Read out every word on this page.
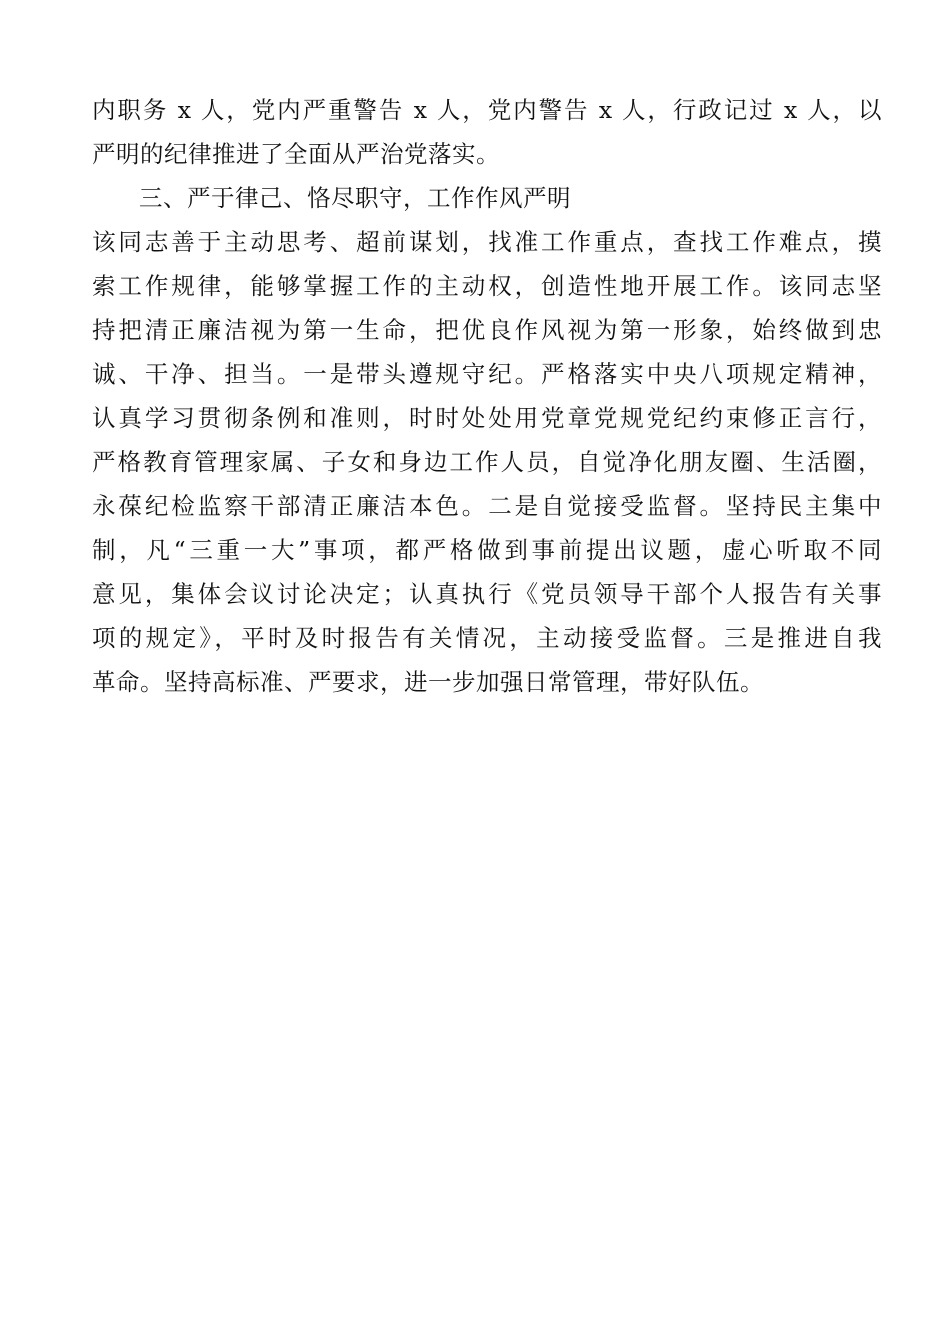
内职务 x 人，党内严重警告 x 人，党内警告 x 人，行政记过 x 人，以
严明的纪律推进了全面从严治党落实。
三、严于律己、恪尽职守，工作作风严明
该同志善于主动思考、超前谋划，找准工作重点，查找工作难点，摸
索工作规律，能够掌握工作的主动权，创造性地开展工作。该同志坚
持把清正廉洁视为第一生命，把优良作风视为第一形象，始终做到忠
诚、干净、担当。一是带头遵规守纪。严格落实中央八项规定精神，
认真学习贯彻条例和准则，时时处处用党章党规党纪约束修正言行，
严格教育管理家属、子女和身边工作人员，自觉净化朋友圈、生活圈，
永葆纪检监察干部清正廉洁本色。二是自觉接受监督。坚持民主集中
制，凡“三重一大”事项，都严格做到事前提出议题，虚心听取不同
意见，集体会议讨论决定；认真执行《党员领导干部个人报告有关事
项的规定》，平时及时报告有关情况，主动接受监督。三是推进自我
革命。坚持高标准、严要求，进一步加强日常管理，带好队伍。
